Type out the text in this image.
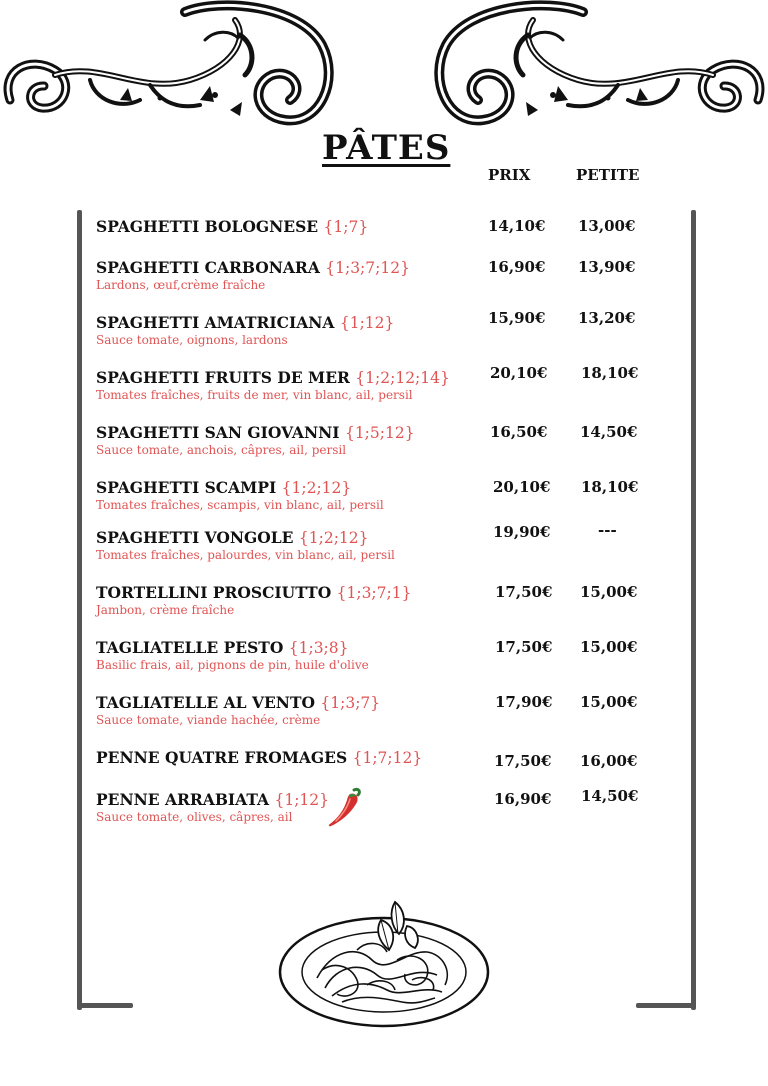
PÂTES
PRIX	PETITE
SPAGHETTI BOLOGNESE {1;7}	14,10€ 13,00€
SPAGHETTI CARBONARA {1;3;7;12}
Lardons, œuf,crème fraîche
16,90€ 13,90€
SPAGHETTI AMATRICIANA {1;12}
Sauce tomate, oignons, lardons
15,90€ 13,20€
SPAGHETTI FRUITS DE MER {1;2;12;14}
Tomates fraîches, fruits de mer, vin blanc, ail, persil
20,10€ 18,10€
SPAGHETTI SAN GIOVANNI {1;5;12}
Sauce tomate, anchois, câpres, ail, persil
16,50€ 14,50€
SPAGHETTI SCAMPI {1;2;12}
Tomates fraîches, scampis, vin blanc, ail, persil
20,10€ 18,10€
SPAGHETTI VONGOLE {1;2;12}
Tomates fraîches, palourdes, vin blanc, ail, persil
19,90€	---
TORTELLINI PROSCIUTTO {1;3;7;1}
Jambon, crème fraîche
17,50€ 15,00€
TAGLIATELLE PESTO {1;3;8}
Basilic frais, ail, pignons de pin, huile d'olive
17,50€ 15,00€
TAGLIATELLE AL VENTO {1;3;7}
Sauce tomate, viande hachée, crème
17,90€ 15,00€
PENNE QUATRE FROMAGES {1;7;12}	17,50€ 16,00€
PENNE ARRABIATA {1;12}
Sauce tomate, olives, câpres, ail
16,90€ 14,50€
